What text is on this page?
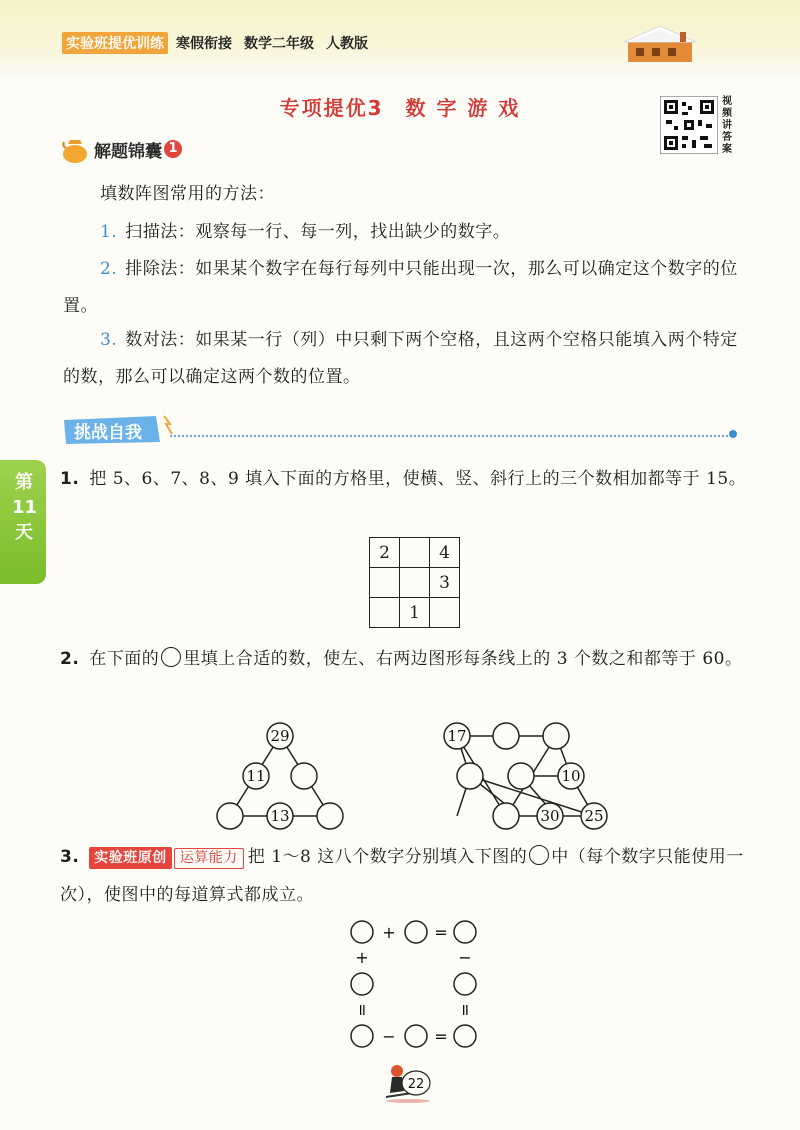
实验班提优训练 寒假衔接 数学二年级 人教版
专项提优3　数 字 游 戏	视频讲答案
解题锦囊 1
填数阵图常用的方法：
1. 扫描法：观察每一行、每一列，找出缺少的数字。
2. 排除法：如果某个数字在每行每列中只能出现一次，那么可以确定这个数字的位置。
3. 数对法：如果某一行（列）中只剩下两个空格，且这两个空格只能填入两个特定的数，那么可以确定这两个数的位置。
挑战自我
第
11
天
1. 把 5、6、7、8、9 填入下面的方格里，使横、竖、斜行上的三个数相加都等于 15。
2		4
		3
	1	
2. 在下面的 里填上合适的数，使左、右两边图形每条线上的 3 个数之和都等于 60。
29
11
13
17
10
30 25
3. 实验班原创 运算能力 把 1～8 这八个数字分别填入下图的 中（每个数字只能使用一次），使图中的每道算式都成立。
+ =
− =
+	−
=	=
22
